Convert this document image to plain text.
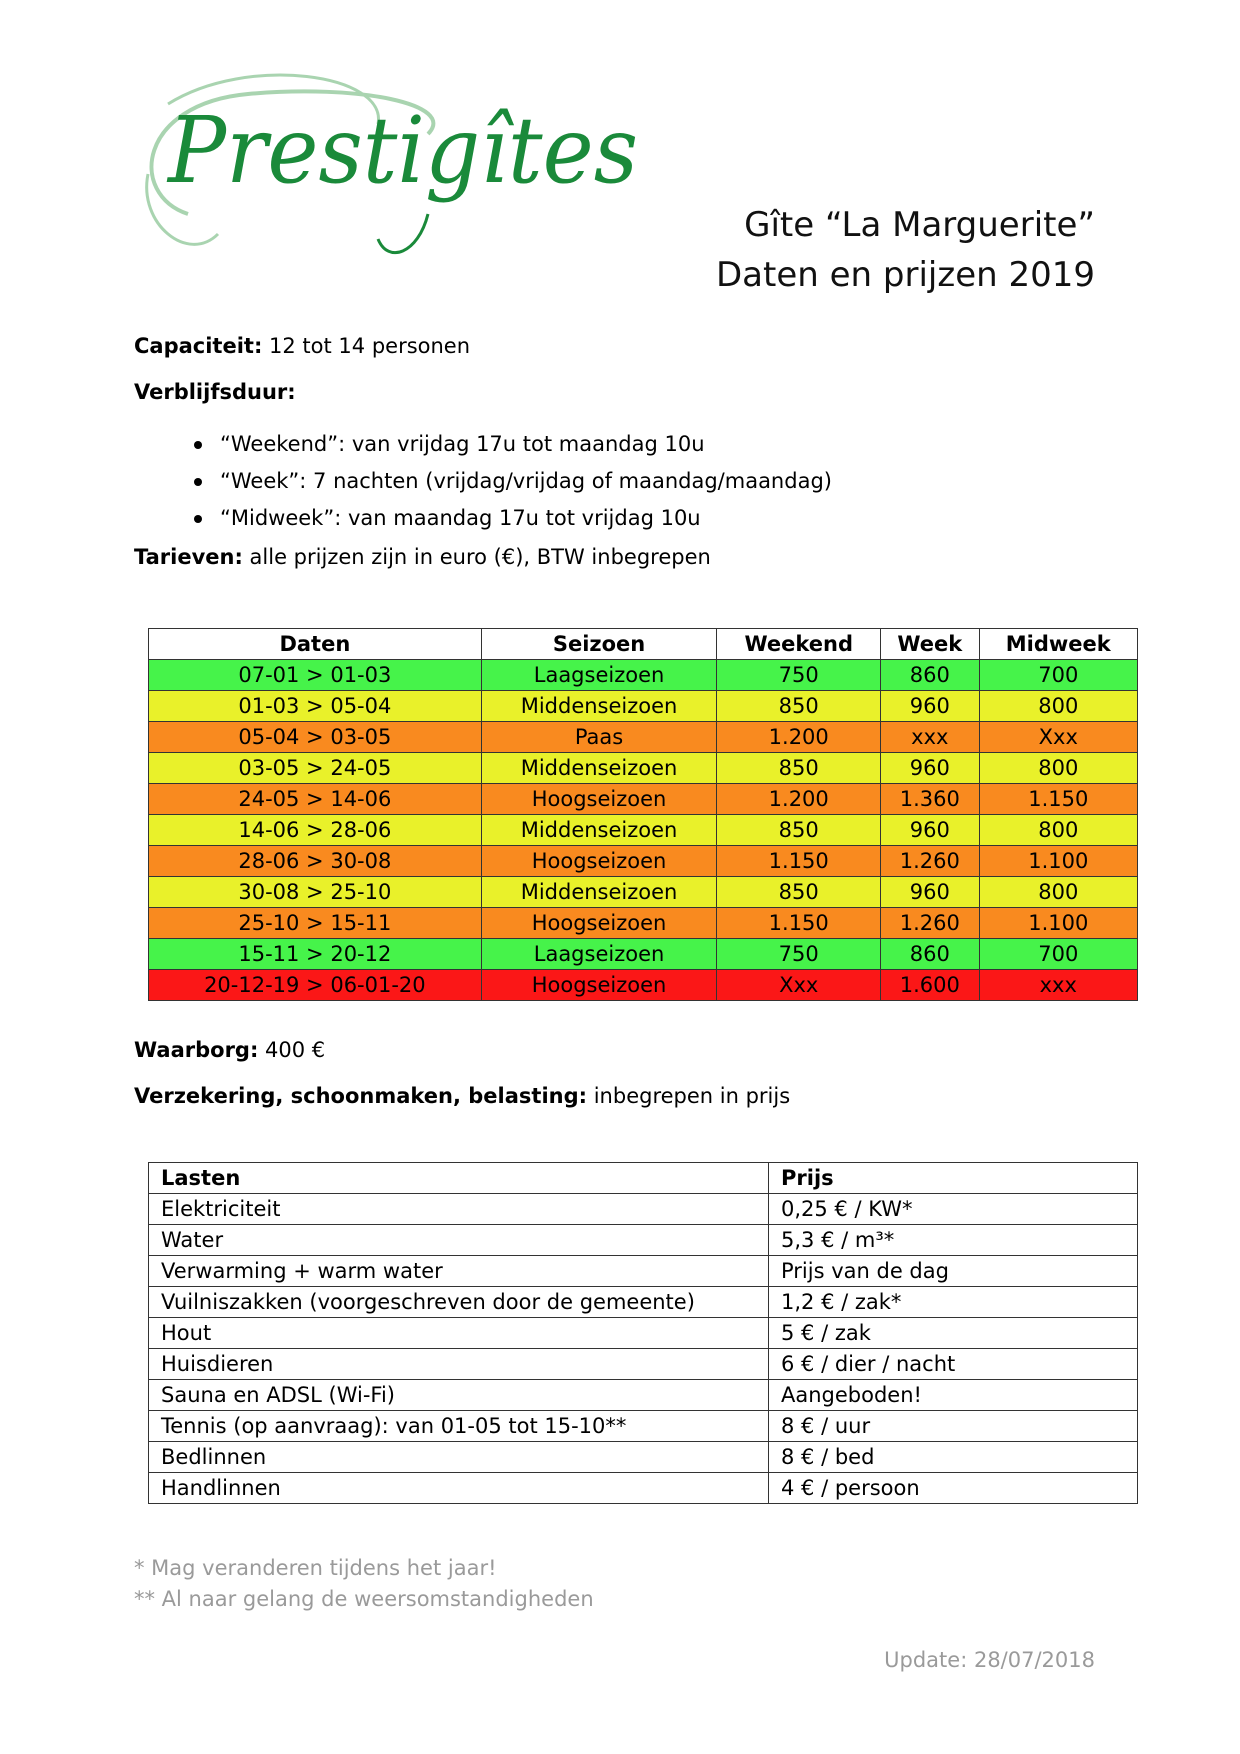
Prestigîtes
Gîte “La Marguerite”
Daten en prijzen 2019
Capaciteit: 12 tot 14 personen
Verblijfsduur:
“Weekend”: van vrijdag 17u tot maandag 10u
“Week”: 7 nachten (vrijdag/vrijdag of maandag/maandag)
“Midweek”: van maandag 17u tot vrijdag 10u
Tarieven: alle prijzen zijn in euro (€), BTW inbegrepen
Daten	Seizoen	Weekend	Week	Midweek
07-01 > 01-03	Laagseizoen	750	860	700
01-03 > 05-04	Middenseizoen	850	960	800
05-04 > 03-05	Paas	1.200	xxx	Xxx
03-05 > 24-05	Middenseizoen	850	960	800
24-05 > 14-06	Hoogseizoen	1.200	1.360	1.150
14-06 > 28-06	Middenseizoen	850	960	800
28-06 > 30-08	Hoogseizoen	1.150	1.260	1.100
30-08 > 25-10	Middenseizoen	850	960	800
25-10 > 15-11	Hoogseizoen	1.150	1.260	1.100
15-11 > 20-12	Laagseizoen	750	860	700
20-12-19 > 06-01-20	Hoogseizoen	Xxx	1.600	xxx
Waarborg: 400 €
Verzekering, schoonmaken, belasting: inbegrepen in prijs
Lasten	Prijs
Elektriciteit	0,25 € / KW*
Water	5,3 € / m³*
Verwarming + warm water	Prijs van de dag
Vuilniszakken (voorgeschreven door de gemeente)	1,2 € / zak*
Hout	5 € / zak
Huisdieren	6 € / dier / nacht
Sauna en ADSL (Wi-Fi)	Aangeboden!
Tennis (op aanvraag): van 01-05 tot 15-10**	8 € / uur
Bedlinnen	8 € / bed
Handlinnen	4 € / persoon
* Mag veranderen tijdens het jaar!
** Al naar gelang de weersomstandigheden
Update: 28/07/2018
